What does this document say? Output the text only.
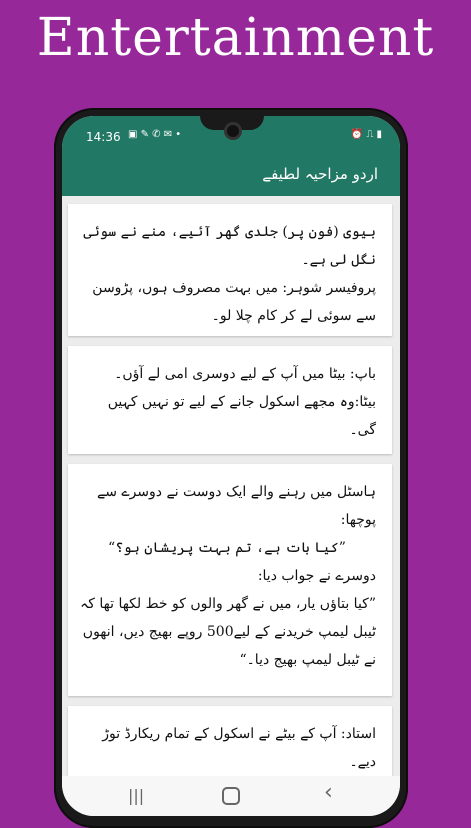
Entertainment
14:36 ▣ ✎ ✆ ✉ •	⏰ ⎍ ▮
اردو مزاحیہ لطیفے

بیوی (فون پر) جلدی گھر آئیے، منے نے سوئی نگل لی ہے۔

پروفیسر شوہر: میں بہت مصروف ہوں، پڑوسن سے سوئی لے کر کام چلا لو۔

باپ: بیٹا میں آپ کے لیے دوسری امی لے آؤں۔

بیٹا:وہ مجھے اسکول جانے کے لیے تو نہیں کہیں گی۔

ہاسٹل میں رہنے والے ایک دوست نے دوسرے سے پوچھا:

”کیا بات ہے، تم بہت پریشان ہو؟“

دوسرے نے جواب دیا:

”کیا بتاؤں یار، میں نے گھر والوں کو خط لکھا تھا کہ ٹیبل لیمپ خریدنے کے لیے500 روپے بھیج دیں، انھوں نے ٹیبل لیمپ بھیج دیا۔“

استاد: آپ کے بیٹے نے اسکول کے تمام ریکارڈ توڑ دیے۔

|||	‹
